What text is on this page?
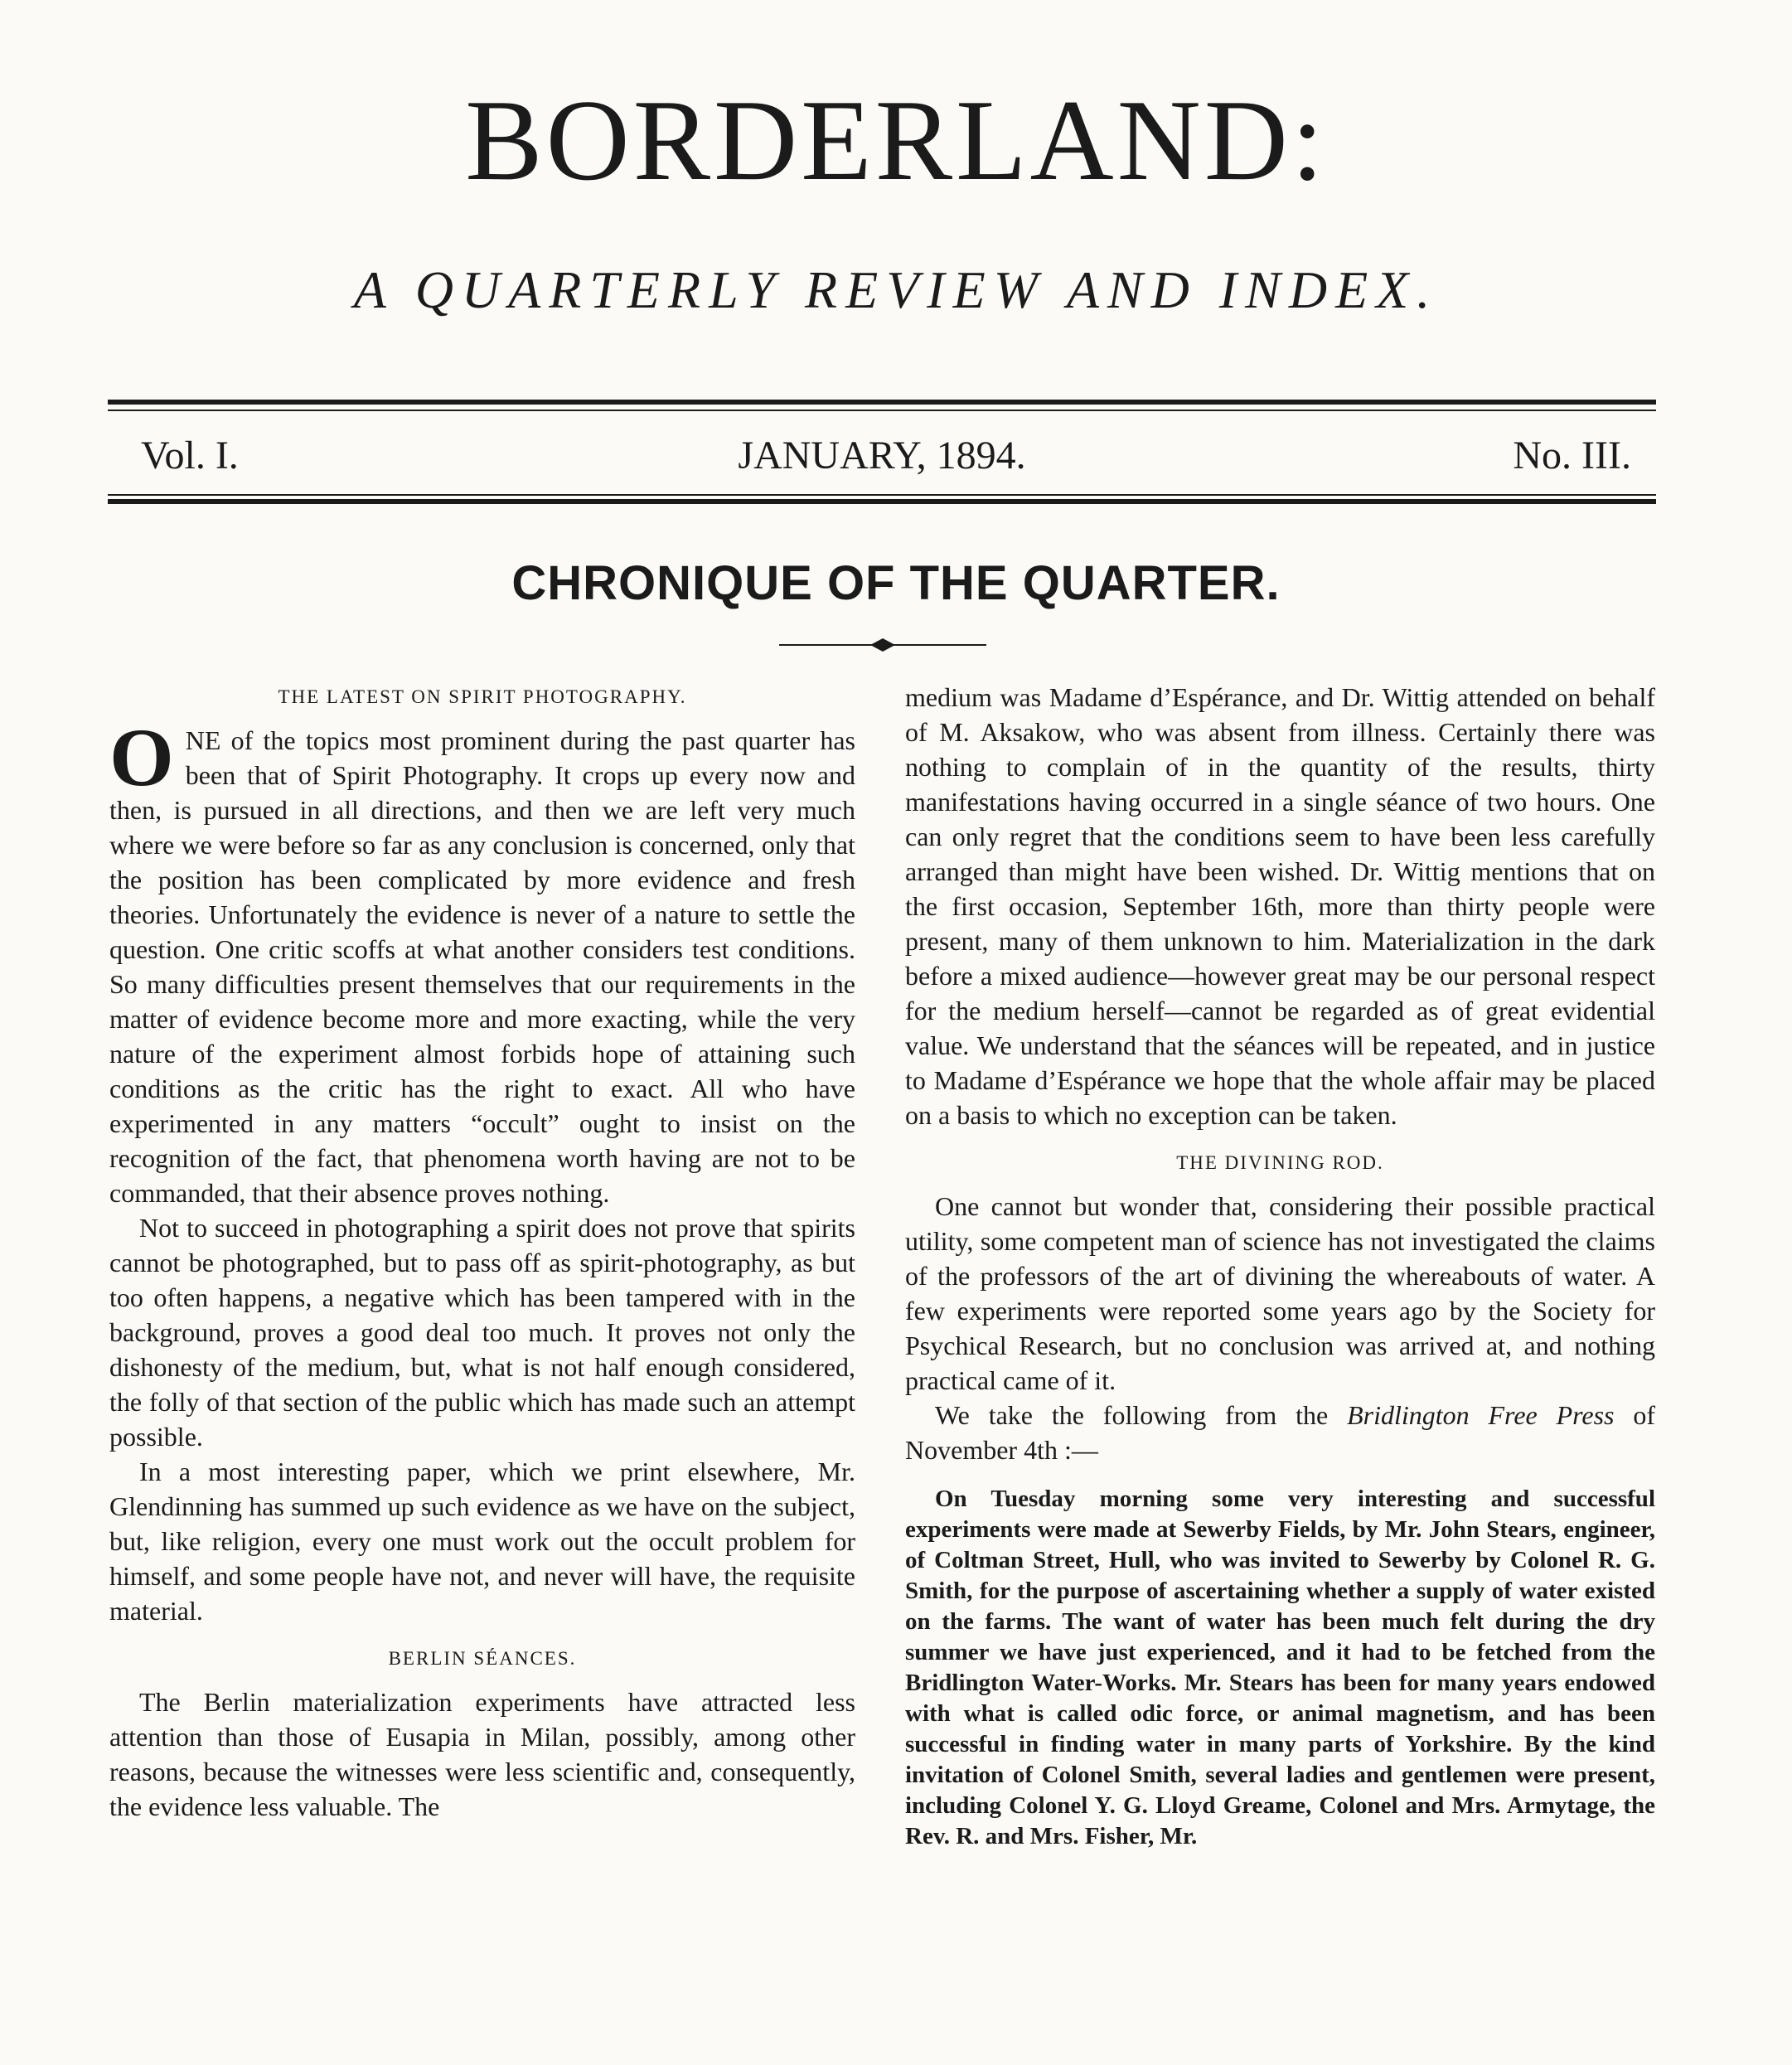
BORDERLAND:
A QUARTERLY REVIEW AND INDEX.
Vol. I.	JANUARY, 1894.	No. III.
CHRONIQUE OF THE QUARTER.
THE LATEST ON SPIRIT PHOTOGRAPHY.

ONE of the topics most prominent during the past quarter has been that of Spirit Photography. It crops up every now and then, is pursued in all directions, and then we are left very much where we were before so far as any conclusion is concerned, only that the position has been complicated by more evidence and fresh theories. Unfortunately the evidence is never of a nature to settle the question. One critic scoffs at what another considers test conditions. So many difficulties present themselves that our requirements in the matter of evidence become more and more exacting, while the very nature of the experiment almost forbids hope of attaining such conditions as the critic has the right to exact. All who have experimented in any matters “occult” ought to insist on the recognition of the fact, that phenomena worth having are not to be commanded, that their absence proves nothing.

Not to succeed in photographing a spirit does not prove that spirits cannot be photographed, but to pass off as spirit-photography, as but too often happens, a negative which has been tampered with in the background, proves a good deal too much. It proves not only the dishonesty of the medium, but, what is not half enough considered, the folly of that section of the public which has made such an attempt possible.

In a most interesting paper, which we print elsewhere, Mr. Glendinning has summed up such evidence as we have on the subject, but, like religion, every one must work out the occult problem for himself, and some people have not, and never will have, the requisite material.

BERLIN SÉANCES.

The Berlin materialization experiments have attracted less attention than those of Eusapia in Milan, possibly, among other reasons, because the witnesses were less scientific and, consequently, the evidence less valuable. The

medium was Madame d’Espérance, and Dr. Wittig attended on behalf of M. Aksakow, who was absent from illness. Certainly there was nothing to complain of in the quantity of the results, thirty manifestations having occurred in a single séance of two hours. One can only regret that the conditions seem to have been less carefully arranged than might have been wished. Dr. Wittig mentions that on the first occasion, September 16th, more than thirty people were present, many of them unknown to him. Materialization in the dark before a mixed audience—however great may be our personal respect for the medium herself—cannot be regarded as of great evidential value. We understand that the séances will be repeated, and in justice to Madame d’Espérance we hope that the whole affair may be placed on a basis to which no exception can be taken.

THE DIVINING ROD.

One cannot but wonder that, considering their possible practical utility, some competent man of science has not investigated the claims of the professors of the art of divining the whereabouts of water. A few experiments were reported some years ago by the Society for Psychical Research, but no conclusion was arrived at, and nothing practical came of it.

We take the following from the Bridlington Free Press of November 4th :—

On Tuesday morning some very interesting and successful experiments were made at Sewerby Fields, by Mr. John Stears, engineer, of Coltman Street, Hull, who was invited to Sewerby by Colonel R. G. Smith, for the purpose of ascertaining whether a supply of water existed on the farms. The want of water has been much felt during the dry summer we have just experienced, and it had to be fetched from the Bridlington Water-Works. Mr. Stears has been for many years endowed with what is called odic force, or animal magnetism, and has been successful in finding water in many parts of Yorkshire. By the kind invitation of Colonel Smith, several ladies and gentlemen were present, including Colonel Y. G. Lloyd Greame, Colonel and Mrs. Armytage, the Rev. R. and Mrs. Fisher, Mr.
